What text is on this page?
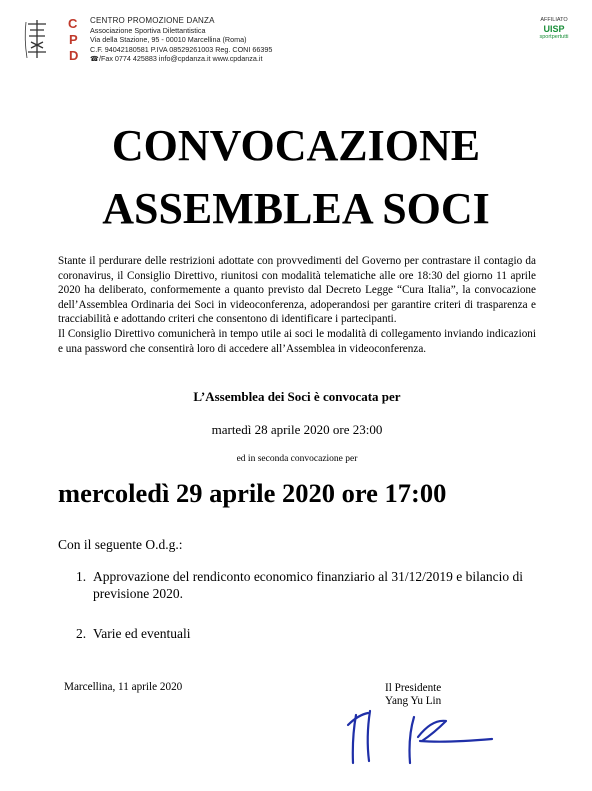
C
P
D
CENTRO PROMOZIONE DANZA
Associazione Sportiva Dilettantistica
Via della Stazione, 95 - 00010 Marcellina (Roma)
C.F. 94042180581 P.IVA 08529261003 Reg. CONI 66395
☎/Fax 0774 425883 info@cpdanza.it www.cpdanza.it
AFFILIATO
UISP
sportpertutti
CONVOCAZIONE
ASSEMBLEA SOCI

Stante il perdurare delle restrizioni adottate con provvedimenti del Governo per contrastare il contagio da coronavirus, il Consiglio Direttivo, riunitosi con modalità telematiche alle ore 18:30 del giorno 11 aprile 2020 ha deliberato, conformemente a quanto previsto dal Decreto Legge “Cura Italia”, la convocazione dell’Assemblea Ordinaria dei Soci in videoconferenza, adoperandosi per garantire criteri di trasparenza e tracciabilità e adottando criteri che consentono di identificare i partecipanti.

Il Consiglio Direttivo comunicherà in tempo utile ai soci le modalità di collegamento inviando indicazioni e una password che consentirà loro di accedere all’Assemblea in videoconferenza.

L’Assemblea dei Soci è convocata per
martedì 28 aprile 2020 ore 23:00
ed in seconda convocazione per
mercoledì 29 aprile 2020 ore 17:00
Con il seguente O.d.g.:
1. Approvazione del rendiconto economico finanziario al 31/12/2019 e bilancio di previsione 2020.
2. Varie ed eventuali
Marcellina, 11 aprile 2020	Il Presidente
Yang Yu Lin
